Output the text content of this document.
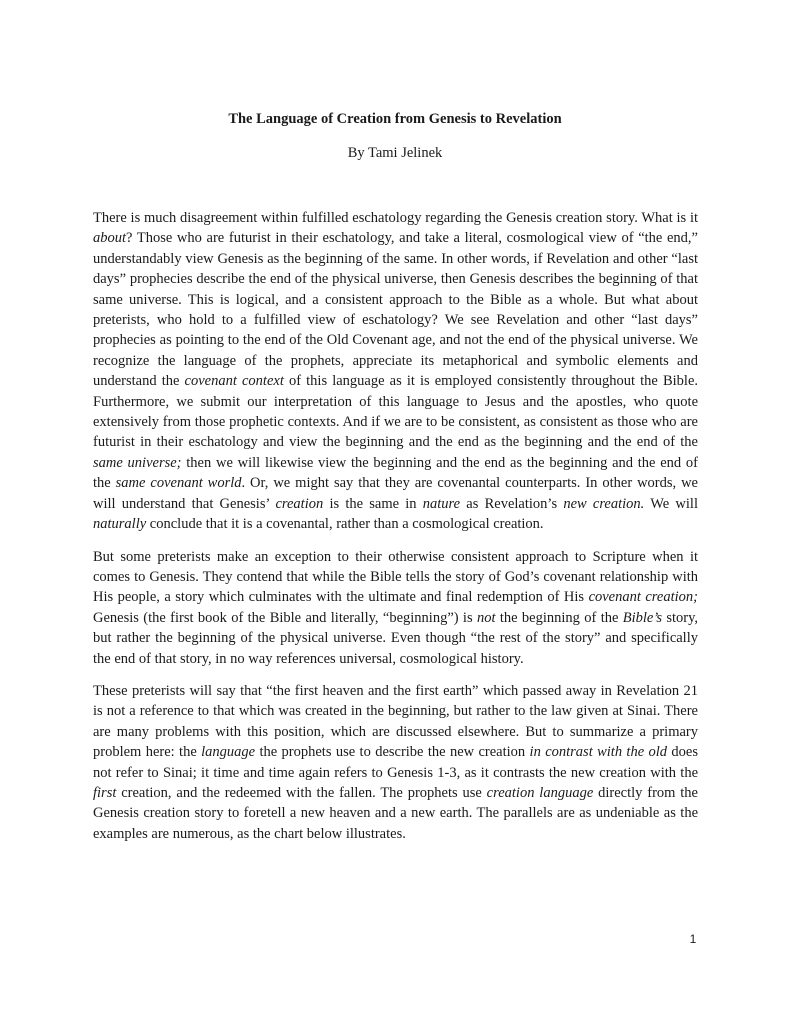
The Language of Creation from Genesis to Revelation

By Tami Jelinek

There is much disagreement within fulfilled eschatology regarding the Genesis creation story. What is it about? Those who are futurist in their eschatology, and take a literal, cosmological view of “the end,” understandably view Genesis as the beginning of the same. In other words, if Revelation and other “last days” prophecies describe the end of the physical universe, then Genesis describes the beginning of that same universe. This is logical, and a consistent approach to the Bible as a whole. But what about preterists, who hold to a fulfilled view of eschatology? We see Revelation and other “last days” prophecies as pointing to the end of the Old Covenant age, and not the end of the physical universe. We recognize the language of the prophets, appreciate its metaphorical and symbolic elements and understand the covenant context of this language as it is employed consistently throughout the Bible. Furthermore, we submit our interpretation of this language to Jesus and the apostles, who quote extensively from those prophetic contexts. And if we are to be consistent, as consistent as those who are futurist in their eschatology and view the beginning and the end as the beginning and the end of the same universe; then we will likewise view the beginning and the end as the beginning and the end of the same covenant world. Or, we might say that they are covenantal counterparts. In other words, we will understand that Genesis’ creation is the same in nature as Revelation’s new creation. We will naturally conclude that it is a covenantal, rather than a cosmological creation.

But some preterists make an exception to their otherwise consistent approach to Scripture when it comes to Genesis. They contend that while the Bible tells the story of God’s covenant relationship with His people, a story which culminates with the ultimate and final redemption of His covenant creation; Genesis (the first book of the Bible and literally, “beginning”) is not the beginning of the Bible’s story, but rather the beginning of the physical universe. Even though “the rest of the story” and specifically the end of that story, in no way references universal, cosmological history.

These preterists will say that “the first heaven and the first earth” which passed away in Revelation 21 is not a reference to that which was created in the beginning, but rather to the law given at Sinai. There are many problems with this position, which are discussed elsewhere. But to summarize a primary problem here: the language the prophets use to describe the new creation in contrast with the old does not refer to Sinai; it time and time again refers to Genesis 1-3, as it contrasts the new creation with the first creation, and the redeemed with the fallen. The prophets use creation language directly from the Genesis creation story to foretell a new heaven and a new earth. The parallels are as undeniable as the examples are numerous, as the chart below illustrates.

1
